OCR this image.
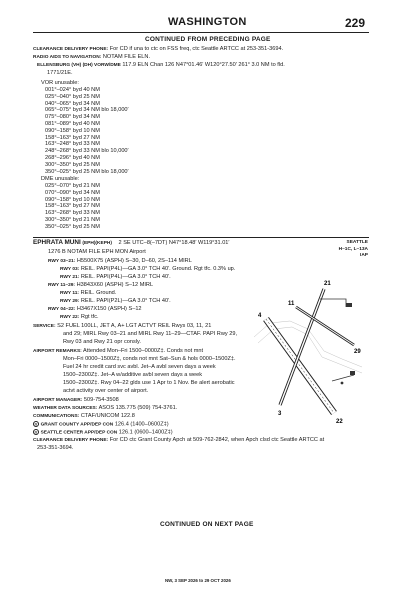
WASHINGTON	229
CONTINUED FROM PRECEDING PAGE
CLEARANCE DELIVERY PHONE: For CD if una to ctc on FSS freq, ctc Seattle ARTCC at 253-351-3694.
RADIO AIDS TO NAVIGATION: NOTAM FILE ELN.
ELLENSBURG (VH) (DH) VORW/DME 117.9 ELN Chan 126 N47°01.46′ W120°27.50′ 261° 3.0 NM to fld.
1771/21E.
VOR unusable:
001°–024° byd 40 NM
025°–040° byd 25 NM
040°–065° byd 34 NM
065°–075° byd 34 NM blo 18,000′
075°–080° byd 34 NM
081°–089° byd 40 NM
090°–158° byd 10 NM
158°–163° byd 27 NM
163°–248° byd 33 NM
248°–268° byd 33 NM blo 10,000′
268°–296° byd 40 NM
300°–350° byd 25 NM
350°–025° byd 25 NM blo 18,000′
DME unusable:
025°–070° byd 21 NM
070°–090° byd 34 NM
090°–158° byd 10 NM
158°–163° byd 27 NM
163°–268° byd 33 NM
300°–350° byd 21 NM
350°–025° byd 25 NM
EPHRATA MUNI (EPH)(KEPH) 2 SE UTC–8(–7DT) N47°18.48′ W119°31.01′
1276 B NOTAM FILE EPH MON Airport
SEATTLE
H–1C, L–13A
IAP
RWY 03–21: H5500X75 (ASPH) S–30, D–60, 2S–114 MIRL
RWY 03: REIL. PAPI(P4L)—GA 3.0° TCH 40′. Ground. Rgt tfc. 0.3% up.
RWY 21: REIL. PAPI(P4L)—GA 3.0° TCH 40′.
RWY 11–29: H3843X60 (ASPH) S–12 MIRL
RWY 11: REIL. Ground.
RWY 29: REIL. PAPI(P2L)—GA 3.0° TCH 40′.
RWY 04–22: H3467X150 (ASPH) S–12
RWY 22: Rgt tfc.
SERVICE: S2 FUEL 100LL, JET A, A+ LGT ACTVT REIL Rwys 03, 11, 21
and 29; MIRL Rwy 03–21 and MIRL Rwy 11–29—CTAF. PAPI Rwy 29,
Rwy 03 and Rwy 21 opr consly.
AIRPORT REMARKS: Attended Mon–Fri 1500–0000Z‡. Conds not mnt
Mon–Fri 0000–1500Z‡, conds not mnt Sat–Sun & hols 0000–1500Z‡.
Fuel 24 hr credit card svc avbl. Jet–A avbl seven days a week
1500–2300Z‡. Jet–A w/additive avbl seven days a week
1500–2300Z‡. Rwy 04–22 glds use 1 Apr to 1 Nov. Be alert aerobatic
actvt activity over center of airport.
AIRPORT MANAGER: 509-754-3508
WEATHER DATA SOURCES: ASOS 135.775 (509) 754-3761.
COMMUNICATIONS: CTAF/UNICOM 122.8
R GRANT COUNTY APP/DEP CON 126.4 (1400–0600Z‡)
R SEATTLE CENTER APP/DEP CON 126.1 (0600–1400Z‡)
CLEARANCE DELIVERY PHONE: For CD ctc Grant County Apch at 509-762-2842, when Apch clsd ctc Seattle ARTCC at
253-351-3694.
3
11
29
22
21
4
CONTINUED ON NEXT PAGE
NW, 3 SEP 2026 to 29 OCT 2026
